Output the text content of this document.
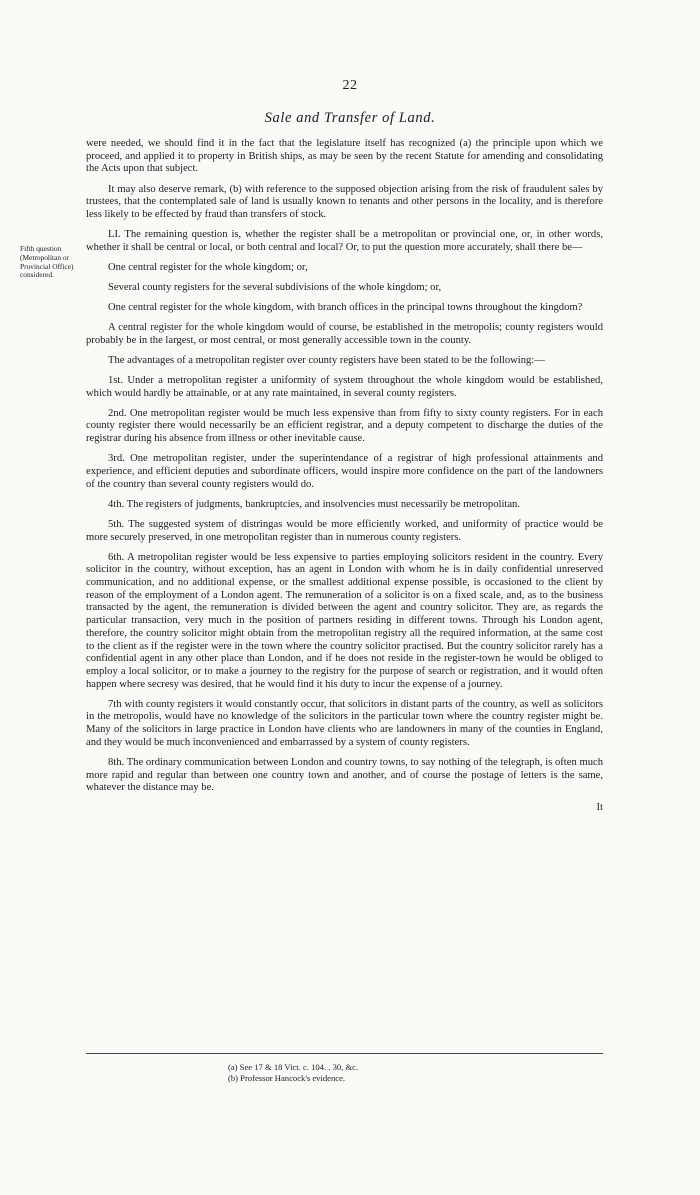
22
Sale and Transfer of Land.
Fifth question (Metropolitan or Provincial Office) considered.

were needed, we should find it in the fact that the legislature itself has recognized (a) the principle upon which we proceed, and applied it to property in British ships, as may be seen by the recent Statute for amending and consolidating the Acts upon that subject.

It may also deserve remark, (b) with reference to the supposed objection arising from the risk of fraudulent sales by trustees, that the contemplated sale of land is usually known to tenants and other persons in the locality, and is therefore less likely to be effected by fraud than transfers of stock.

LI. The remaining question is, whether the register shall be a metropolitan or provincial one, or, in other words, whether it shall be central or local, or both central and local? Or, to put the question more accurately, shall there be—

One central register for the whole kingdom; or,

Several county registers for the several subdivisions of the whole kingdom; or,

One central register for the whole kingdom, with branch offices in the principal towns throughout the kingdom?

A central register for the whole kingdom would of course, be established in the metropolis; county registers would probably be in the largest, or most central, or most generally accessible town in the county.

The advantages of a metropolitan register over county registers have been stated to be the following:—

1st. Under a metropolitan register a uniformity of system throughout the whole kingdom would be established, which would hardly be attainable, or at any rate maintained, in several county registers.

2nd. One metropolitan register would be much less expensive than from fifty to sixty county registers. For in each county register there would necessarily be an efficient registrar, and a deputy competent to discharge the duties of the registrar during his absence from illness or other inevitable cause.

3rd. One metropolitan register, under the superintendance of a registrar of high professional attainments and experience, and efficient deputies and subordinate officers, would inspire more confidence on the part of the landowners of the country than several county registers would do.

4th. The registers of judgments, bankruptcies, and insolvencies must necessarily be metropolitan.

5th. The suggested system of distringas would be more efficiently worked, and uniformity of practice would be more securely preserved, in one metropolitan register than in numerous county registers.

6th. A metropolitan register would be less expensive to parties employing solicitors resident in the country. Every solicitor in the country, without exception, has an agent in London with whom he is in daily confidential unreserved communication, and no additional expense, or the smallest additional expense possible, is occasioned to the client by reason of the employment of a London agent. The remuneration of a solicitor is on a fixed scale, and, as to the business transacted by the agent, the remuneration is divided between the agent and country solicitor. They are, as regards the particular transaction, very much in the position of partners residing in different towns. Through his London agent, therefore, the country solicitor might obtain from the metropolitan registry all the required information, at the same cost to the client as if the register were in the town where the country solicitor practised. But the country solicitor rarely has a confidential agent in any other place than London, and if he does not reside in the register-town he would be obliged to employ a local solicitor, or to make a journey to the registry for the purpose of search or registration, and it would often happen where secresy was desired, that he would find it his duty to incur the expense of a journey.

7th with county registers it would constantly occur, that solicitors in distant parts of the country, as well as solicitors in the metropolis, would have no knowledge of the solicitors in the particular town where the country register might be. Many of the solicitors in large practice in London have clients who are landowners in many of the counties in England, and they would be much inconvenienced and embarrassed by a system of county registers.

8th. The ordinary communication between London and country towns, to say nothing of the telegraph, is often much more rapid and regular than between one country town and another, and of course the postage of letters is the same, whatever the distance may be.

It

(a) See 17 & 18 Vict. c. 104. . 30, &c.
(b) Professor Hancock's evidence.
